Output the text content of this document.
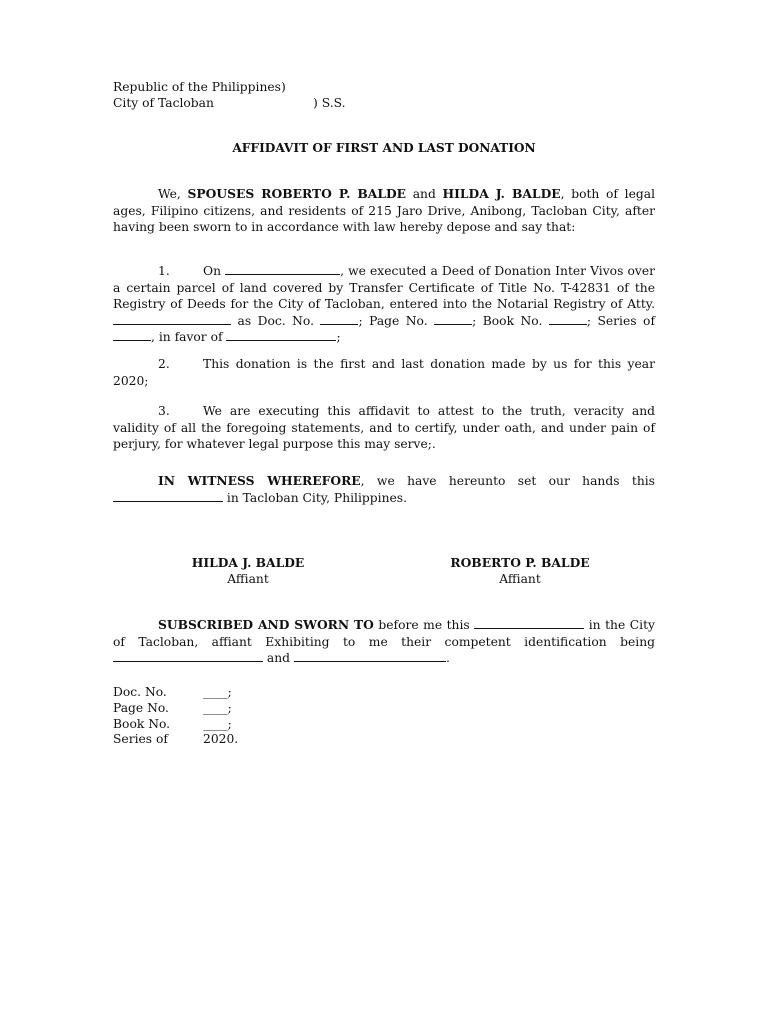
Republic of the Philippines)
City of Tacloban	) S.S.
AFFIDAVIT OF FIRST AND LAST DONATION
We, SPOUSES ROBERTO P. BALDE and HILDA J. BALDE, both of legal ages, Filipino citizens, and residents of 215 Jaro Drive, Anibong, Tacloban City, after having been sworn to in accordance with law hereby depose and say that:
1.	On	, we executed a Deed of Donation Inter Vivos over a certain parcel of land covered by Transfer Certificate of Title No. T-42831 of the Registry of Deeds for the City of Tacloban, entered into the Notarial Registry of Atty.  as Doc. No.	; Page No.	; Book No.	; Series of , in favor of	;
2.	This donation is the first and last donation made by us for this year 2020;
3.	We are executing this affidavit to attest to the truth, veracity and validity of all the foregoing statements, and to certify, under oath, and under pain of perjury, for whatever legal purpose this may serve;.
IN WITNESS WHEREFORE, we have hereunto set our hands this  in Tacloban City, Philippines.
HILDA J. BALDE
Affiant
ROBERTO P. BALDE
Affiant
SUBSCRIBED AND SWORN TO before me this	in the City of Tacloban, affiant Exhibiting to me their competent identification being  and	.
Doc. No.	____;
Page No.	____;
Book No.	____;
Series of	2020.
